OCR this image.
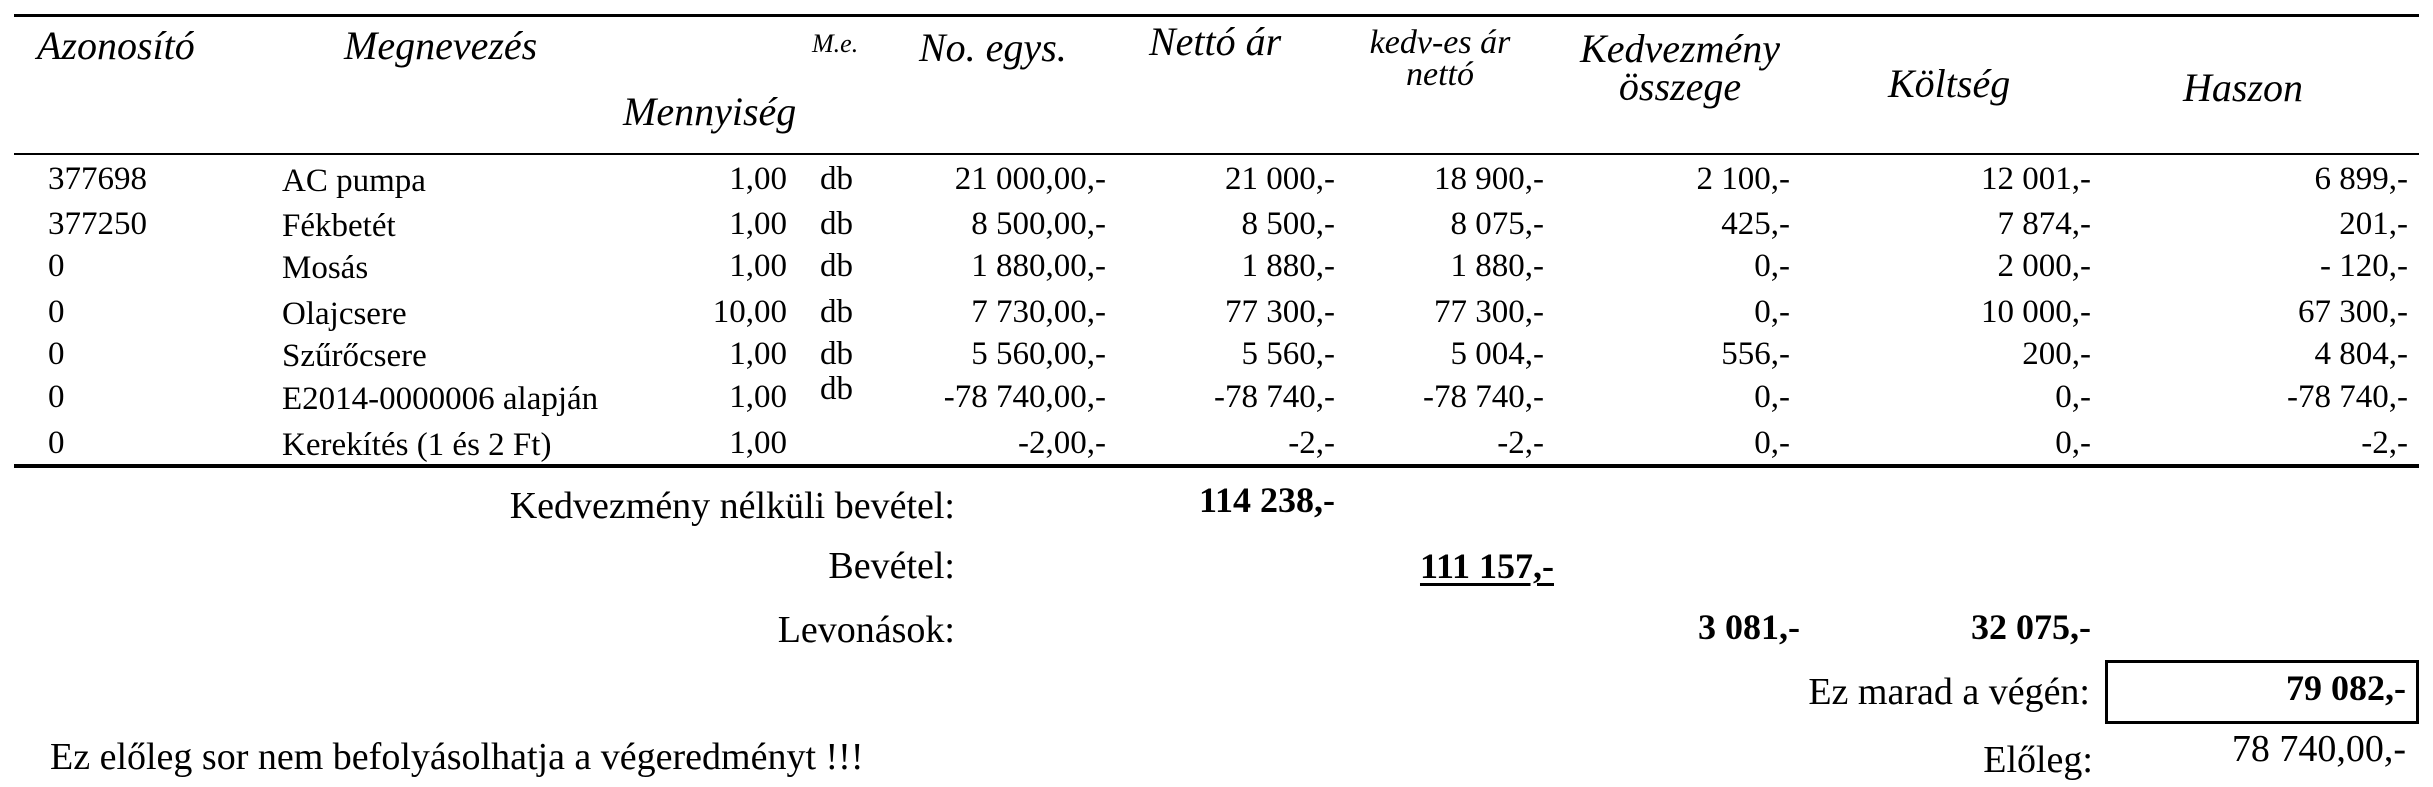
Azonosító	Megnevezés
Mennyiség
M.e. No. egys. Nettó ár	kedv-es ár
nettó
Kedvezmény
összege	Költség	Haszon
377698	AC pumpa	1,00 db	21 000,00,-	21 000,-	18 900,-	2 100,-	12 001,-	6 899,-
377250	Fékbetét	1,00 db	8 500,00,-	8 500,-	8 075,-	425,-	7 874,-	201,-
0	Mosás	1,00 db	1 880,00,-	1 880,-	1 880,-	0,-	2 000,-	- 120,-
0	Olajcsere	10,00 db	7 730,00,-	77 300,-	77 300,-	0,-	10 000,-	67 300,-
0	Szűrőcsere	1,00 db	5 560,00,-	5 560,-	5 004,-	556,-	200,-	4 804,-
0	E2014-0000006 alapján	1,00 db	-78 740,00,-	-78 740,-	-78 740,-	0,-	0,-	-78 740,-
0	Kerekítés (1 és 2 Ft)	1,00	-2,00,-	-2,-	-2,-	0,-	0,-	-2,-
Kedvezmény nélküli bevétel:	114 238,-
Bevétel:	111 157,-
Levonások:	3 081,-	32 075,-
Ez marad a végén:	79 082,-
Ez előleg sor nem befolyásolhatja a végeredményt !!!	Előleg:	78 740,00,-
